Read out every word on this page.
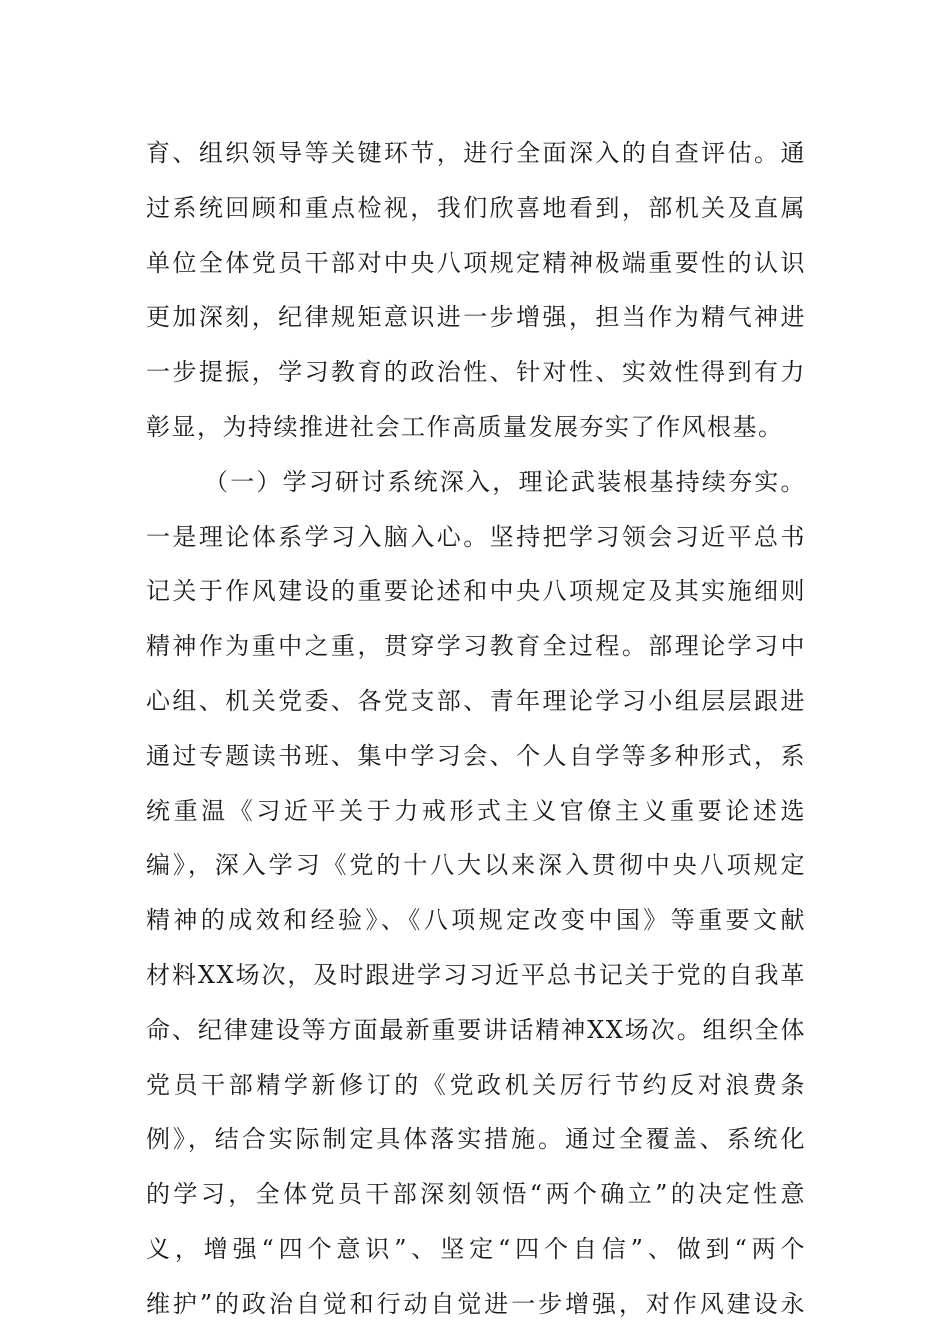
育、组织领导等关键环节，进行全面深入的自查评估。通
过系统回顾和重点检视，我们欣喜地看到，部机关及直属
单位全体党员干部对中央八项规定精神极端重要性的认识
更加深刻，纪律规矩意识进一步增强，担当作为精气神进
一步提振，学习教育的政治性、针对性、实效性得到有力
彰显，为持续推进社会工作高质量发展夯实了作风根基。
（一）学习研讨系统深入，理论武装根基持续夯实。
一是理论体系学习入脑入心。坚持把学习领会习近平总书
记关于作风建设的重要论述和中央八项规定及其实施细则
精神作为重中之重，贯穿学习教育全过程。部理论学习中
心组、机关党委、各党支部、青年理论学习小组层层跟进
通过专题读书班、集中学习会、个人自学等多种形式，系
统重温《习近平关于力戒形式主义官僚主义重要论述选
编》，深入学习《党的十八大以来深入贯彻中央八项规定
精神的成效和经验》、《八项规定改变中国》等重要文献
材料XX场次，及时跟进学习习近平总书记关于党的自我革
命、纪律建设等方面最新重要讲话精神XX场次。组织全体
党员干部精学新修订的《党政机关厉行节约反对浪费条
例》，结合实际制定具体落实措施。通过全覆盖、系统化
的学习，全体党员干部深刻领悟“两个确立”的决定性意
义，增强“四个意识”、坚定“四个自信”、做到“两个
维护”的政治自觉和行动自觉进一步增强，对作风建设永
